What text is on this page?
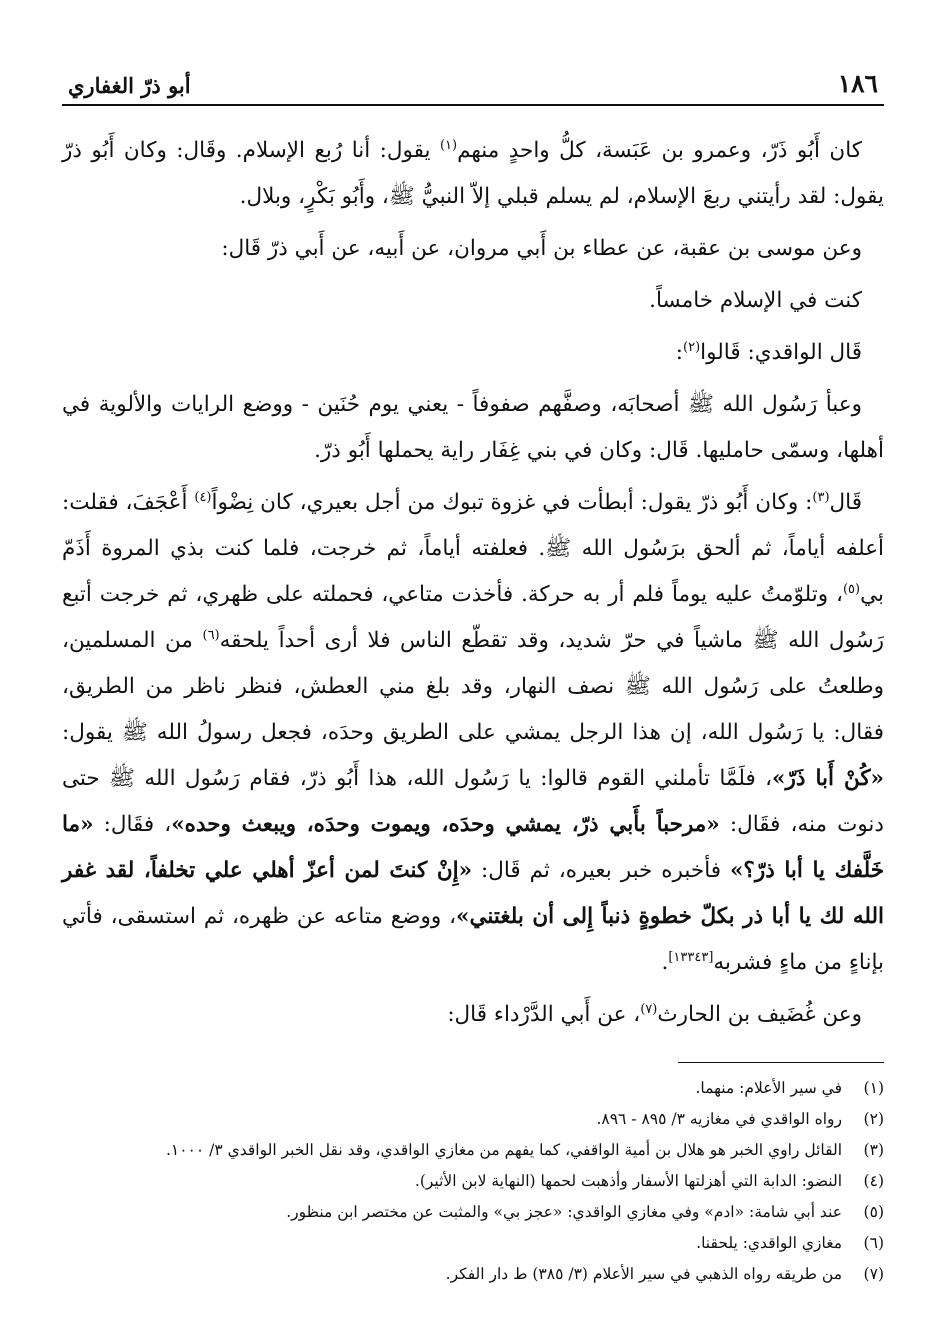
١٨٦
أبو ذرّ الغفاري

كان أَبُو ذَرّ، وعمرو بن عَبَسة، كلُّ واحدٍ منهم$^{(١)}$ يقول: أنا رُبع الإسلام. وقَال: وكان أَبُو ذرّ يقول: لقد رأيتني ربعَ الإسلام، لم يسلم قبلي إلاّ النبيُّ ﷺ، وأَبُو بَكْرٍ، وبلال.

وعن موسى بن عقبة، عن عطاء بن أَبي مروان، عن أَبيه، عن أَبي ذرّ قَال:

كنت في الإسلام خامساً.

قَال الواقدي: قَالوا$^{(٢)}$:

وعبأ رَسُول الله ﷺ أصحابَه، وصفَّهم صفوفاً - يعني يوم حُنَين - ووضع الرايات والألوية في أهلها، وسمّى حامليها. قَال: وكان في بني غِفَار راية يحملها أَبُو ذرّ.

قَال$^{(٣)}$: وكان أَبُو ذرّ يقول: أبطأت في غزوة تبوك من أجل بعيري، كان نِضْواً$^{(٤)}$ أَعْجَفَ، فقلت: أعلفه أياماً، ثم ألحق برَسُول الله ﷺ. فعلفته أياماً، ثم خرجت، فلما كنت بذي المروة أَذَمّ بي$^{(٥)}$، وتلوّمتُ عليه يوماً فلم أر به حركة. فأخذت متاعي، فحملته على ظهري، ثم خرجت أتبع رَسُول الله ﷺ ماشياً في حرّ شديد، وقد تقطّع الناس فلا أرى أحداً يلحقه$^{(٦)}$ من المسلمين، وطلعتُ على رَسُول الله ﷺ نصف النهار، وقد بلغ مني العطش، فنظر ناظر من الطريق، فقال: يا رَسُول الله، إن هذا الرجل يمشي على الطريق وحدَه، فجعل رسولُ الله ﷺ يقول: «كُنْ أَبا ذَرّ»، فلَمَّا تأملني القوم قالوا: يا رَسُول الله، هذا أَبُو ذرّ، فقام رَسُول الله ﷺ حتى دنوت منه، فقَال: «مرحباً بأَبي ذرّ، يمشي وحدَه، ويموت وحدَه، ويبعث وحده»، فقَال: «ما خَلَّفك يا أبا ذرّ؟» فأخبره خبر بعيره، ثم قَال: «إِنْ كنتَ لمن أعزّ أهلي علي تخلفاً، لقد غفر الله لك يا أبا ذر بكلّ خطوةٍ ذنباً إِلى أن بلغتني»، ووضع متاعه عن ظهره، ثم استسقى، فأتي بإناءٍ من ماءٍ فشربه[١٣٣٤٣].

وعن غُضَيف بن الحارث$^{(٧)}$، عن أَبي الدَّرْداء قَال:

(١)
في سير الأعلام: منهما.
(٢)
رواه الواقدي في مغازيه ٣/ ٨٩٥ - ٨٩٦.
(٣)
القائل راوي الخبر هو هلال بن أمية الواقفي، كما يفهم من مغازي الواقدي، وقد نقل الخبر الواقدي ٣/ ١٠٠٠.
(٤)
النضو: الدابة التي أهزلتها الأسفار وأذهبت لحمها (النهاية لابن الأثير).
(٥)
عند أبي شامة: «ادم» وفي مغازي الواقدي: «عجز بي» والمثبت عن مختصر ابن منظور.
(٦)
مغازي الواقدي: يلحقنا.
(٧)
من طريقه رواه الذهبي في سير الأعلام (٣/ ٣٨٥) ط دار الفكر.
